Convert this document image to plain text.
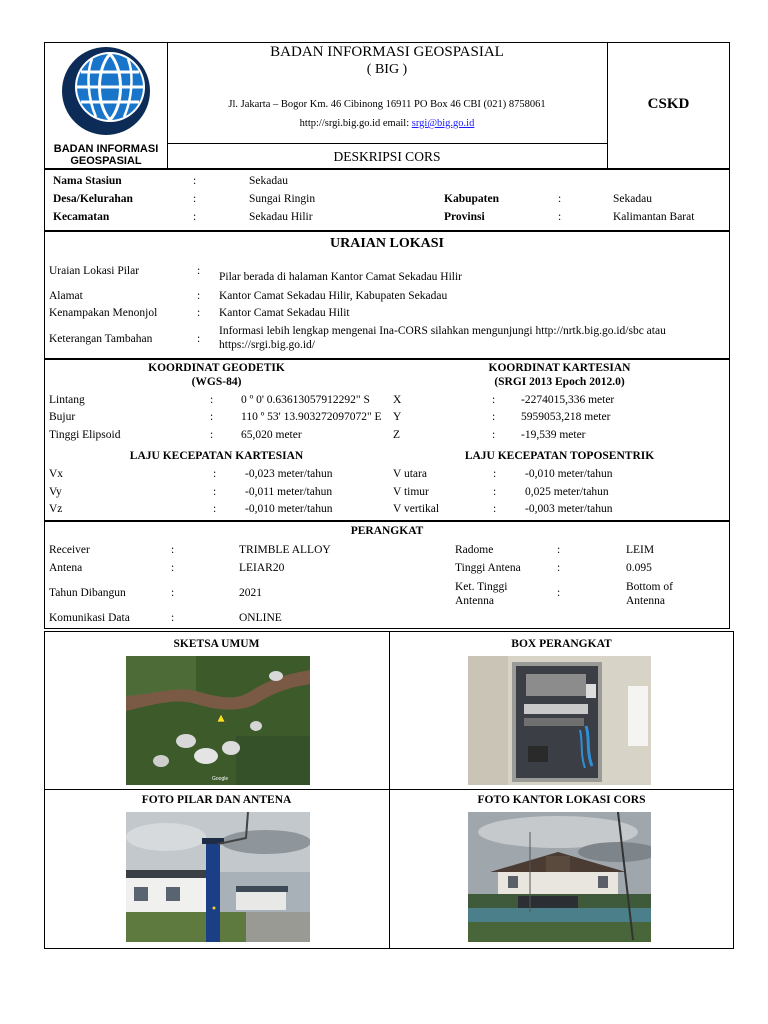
BADAN INFORMASI
GEOSPASIAL
BADAN INFORMASI GEOSPASIAL
( BIG )
Jl. Jakarta – Bogor Km. 46 Cibinong 16911 PO Box 46 CBI (021) 8758061
http://srgi.big.go.id email: srgi@big.go.id
DESKRIPSI CORS
CSKD
Nama Stasiun	:	Sekadau
Desa/Kelurahan	:	Sungai Ringin
Kecamatan	:	Sekadau Hilir
Kabupaten	:	Sekadau
Provinsi	:	Kalimantan Barat
URAIAN LOKASI
Uraian Lokasi Pilar	: Pilar berada di halaman Kantor Camat Sekadau Hilir
Alamat	: Kantor Camat Sekadau Hilir, Kabupaten Sekadau
Kenampakan Menonjol	: Kantor Camat Sekadau Hilit
Keterangan Tambahan	:
Informasi lebih lengkap mengenai Ina-CORS silahkan mengunjungi http://nrtk.big.go.id/sbc atau https://srgi.big.go.id/
KOORDINAT GEODETIK
(WGS-84)
KOORDINAT KARTESIAN
(SRGI 2013 Epoch 2012.0)
Lintang	: 0 º 0' 0.63613057912292" S
Bujur	: 110 º 53' 13.903272097072" E
Tinggi Elipsoid	: 65,020 meter
X	: -2274015,336 meter
Y	: 5959053,218 meter
Z	: -19,539 meter
LAJU KECEPATAN KARTESIAN	LAJU KECEPATAN TOPOSENTRIK
Vx	:	-0,023 meter/tahun
Vy	:	-0,011 meter/tahun
Vz	:	-0,010 meter/tahun
V utara	:	-0,010 meter/tahun
V timur	:	0,025 meter/tahun
V vertikal	:	-0,003 meter/tahun
PERANGKAT
Receiver	:	TRIMBLE ALLOY
Antena	:	LEIAR20
Tahun Dibangun	:	2021
Komunikasi Data	:	ONLINE
Radome	:	LEIM
Tinggi Antena	:	0.095
Ket. Tinggi Antenna
:	Bottom of Antenna
SKETSA UMUM	BOX PERANGKAT
FOTO PILAR DAN ANTENA	FOTO KANTOR LOKASI CORS
Google
